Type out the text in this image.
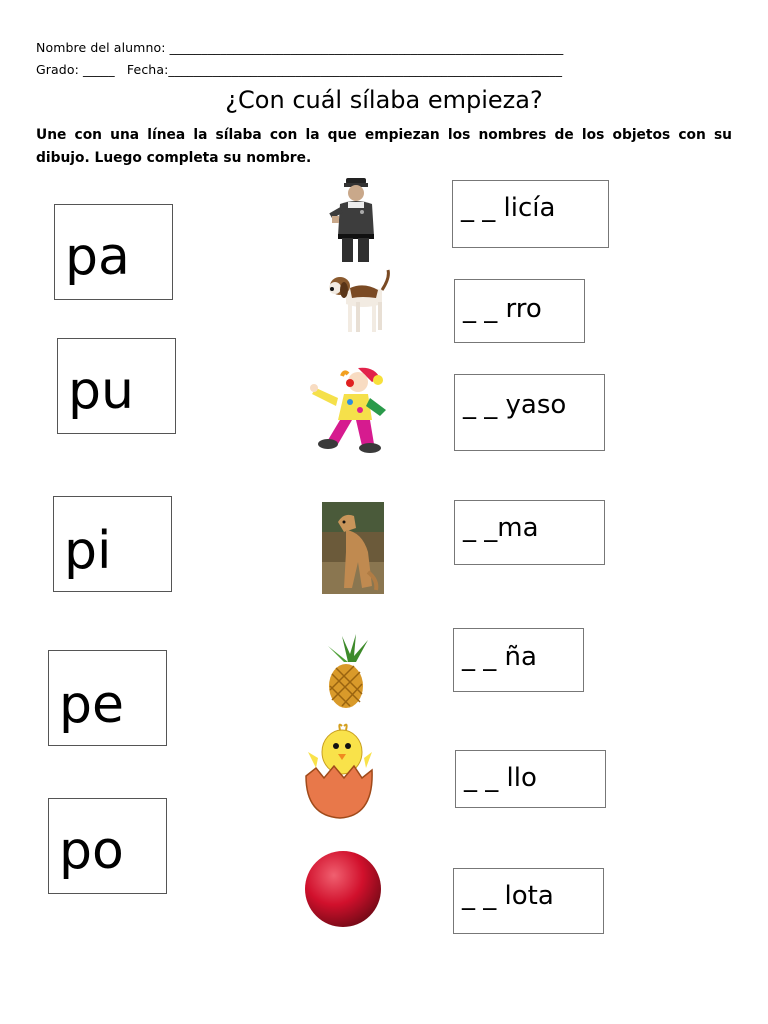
Nombre del alumno: ______________________________________________________________
Grado: _____   Fecha:______________________________________________________________
¿Con cuál sílaba empieza?
Une con una línea la sílaba con la que empiezan los nombres de los objetos con su dibujo. Luego completa su nombre.
pa
pu
pi
pe
po
_ _ licía
_ _ rro
_ _ yaso
_ _ma
_ _ ña
_ _ llo
_ _ lota
